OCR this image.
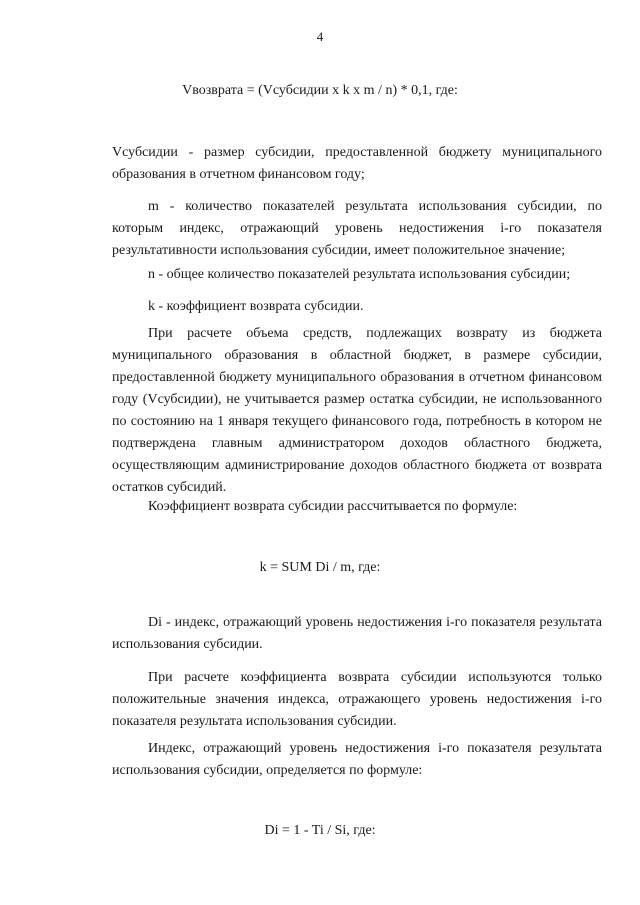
4
Vвозврата = (Vсубсидии x k x m / n) * 0,1, где:
Vсубсидии - размер субсидии, предоставленной бюджету муниципального образования в отчетном финансовом году;
m - количество показателей результата использования субсидии, по которым индекс, отражающий уровень недостижения i-го показателя результативности использования субсидии, имеет положительное значение;
n - общее количество показателей результата использования субсидии;
k - коэффициент возврата субсидии.
При расчете объема средств, подлежащих возврату из бюджета муниципального образования в областной бюджет, в размере субсидии, предоставленной бюджету муниципального образования в отчетном финансовом году (Vсубсидии), не учитывается размер остатка субсидии, не использованного по состоянию на 1 января текущего финансового года, потребность в котором не подтверждена главным администратором доходов областного бюджета, осуществляющим администрирование доходов областного бюджета от возврата остатков субсидий.
Коэффициент возврата субсидии рассчитывается по формуле:
k = SUM Di / m, где:
Di - индекс, отражающий уровень недостижения i-го показателя результата использования субсидии.
При расчете коэффициента возврата субсидии используются только положительные значения индекса, отражающего уровень недостижения i-го показателя результата использования субсидии.
Индекс, отражающий уровень недостижения i-го показателя результата использования субсидии, определяется по формуле:
Di = 1 - Ti / Si, где:
